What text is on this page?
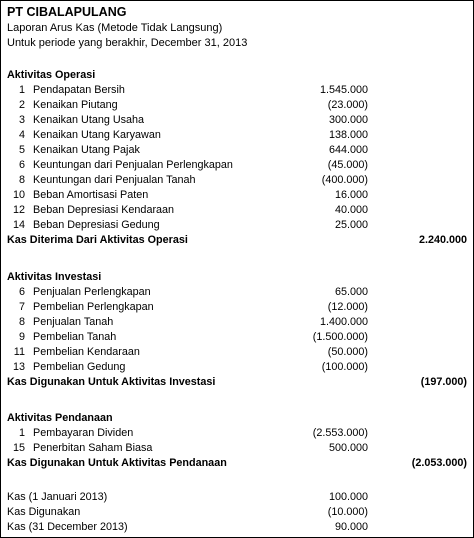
PT CIBALAPULANG
Laporan Arus Kas (Metode Tidak Langsung)
Untuk periode yang berakhir, December 31, 2013
Aktivitas Operasi
1 Pendapatan Bersih	1.545.000
2 Kenaikan Piutang	(23.000)
3 Kenaikan Utang Usaha	300.000
4 Kenaikan Utang Karyawan	138.000
5 Kenaikan Utang Pajak	644.000
6 Keuntungan dari Penjualan Perlengkapan	(45.000)
8 Keuntungan dari Penjualan Tanah	(400.000)
10 Beban Amortisasi Paten	16.000
12 Beban Depresiasi Kendaraan	40.000
14 Beban Depresiasi Gedung	25.000
Kas Diterima Dari Aktivitas Operasi	2.240.000
Aktivitas Investasi
6 Penjualan Perlengkapan	65.000
7 Pembelian Perlengkapan	(12.000)
8 Penjualan Tanah	1.400.000
9 Pembelian Tanah	(1.500.000)
11 Pembelian Kendaraan	(50.000)
13 Pembelian Gedung	(100.000)
Kas Digunakan Untuk Aktivitas Investasi	(197.000)
Aktivitas Pendanaan
1 Pembayaran Dividen	(2.553.000)
15 Penerbitan Saham Biasa	500.000
Kas Digunakan Untuk Aktivitas Pendanaan	(2.053.000)
Kas (1 Januari 2013)	100.000
Kas Digunakan	(10.000)
Kas (31 December 2013)	90.000
